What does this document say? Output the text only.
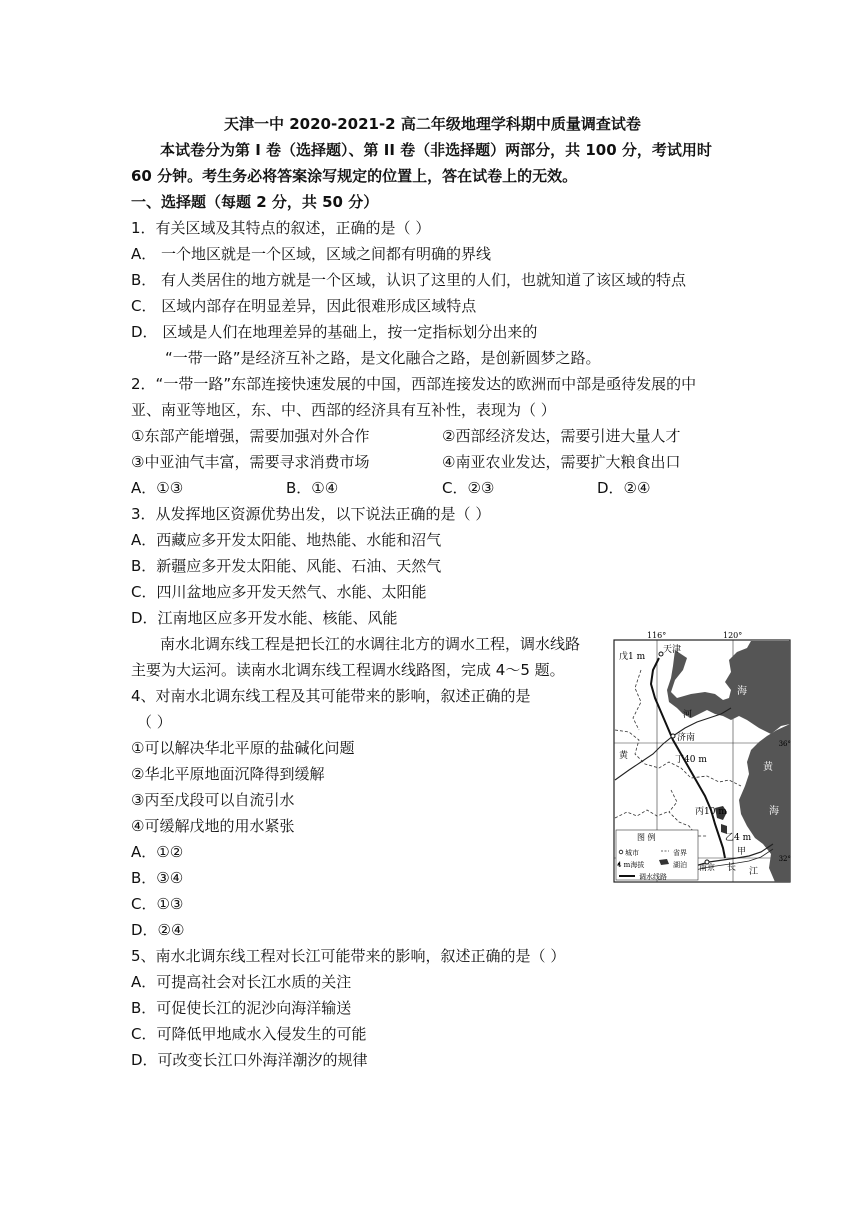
天津一中 2020-2021-2 高二年级地理学科期中质量调查试卷
本试卷分为第 I 卷（选择题）、第 II 卷（非选择题）两部分，共 100 分，考试用时
60 分钟。考生务必将答案涂写规定的位置上，答在试卷上的无效。
一、选择题（每题 2 分，共 50 分）
1．有关区域及其特点的叙述，正确的是（ ）
A． 一个地区就是一个区域，区域之间都有明确的界线
B． 有人类居住的地方就是一个区域，认识了这里的人们，也就知道了该区域的特点
C． 区域内部存在明显差异，因此很难形成区域特点
D． 区域是人们在地理差异的基础上，按一定指标划分出来的
“一带一路”是经济互补之路，是文化融合之路，是创新圆梦之路。
2．“一带一路”东部连接快速发展的中国，西部连接发达的欧洲而中部是亟待发展的中
亚、南亚等地区，东、中、西部的经济具有互补性，表现为（ ）
①东部产能增强，需要加强对外合作	②西部经济发达，需要引进大量人才
③中亚油气丰富，需要寻求消费市场	④南亚农业发达，需要扩大粮食出口
A．①③	B．①④	C．②③	D．②④
3．从发挥地区资源优势出发，以下说法正确的是（ ）
A．西藏应多开发太阳能、地热能、水能和沼气
B．新疆应多开发太阳能、风能、石油、天然气
C．四川盆地应多开发天然气、水能、太阳能
D．江南地区应多开发水能、核能、风能
南水北调东线工程是把长江的水调往北方的调水工程，调水线路
主要为大运河。读南水北调东线工程调水线路图，完成 4～5 题。
4、对南水北调东线工程及其可能带来的影响，叙述正确的是
（ ）
①可以解决华北平原的盐碱化问题
②华北平原地面沉降得到缓解
③丙至戊段可以自流引水
④可缓解戊地的用水紧张
A．①②
B．③④
C．①③
D．②④
5、南水北调东线工程对长江可能带来的影响，叙述正确的是（ ）
A．可提高社会对长江水质的关注
B．可促使长江的泥沙向海洋输送
C．可降低甲地咸水入侵发生的可能
D．可改变长江口外海洋潮汐的规律
116°	120°
36°
32°
戊1 m
天津
渤
海
河
济南
黄	丁40 m
黄
海
丙10 m
乙4 m
图 例
城市	省界
4 m海拔	湖泊
调水线路
南京 长
甲
江
